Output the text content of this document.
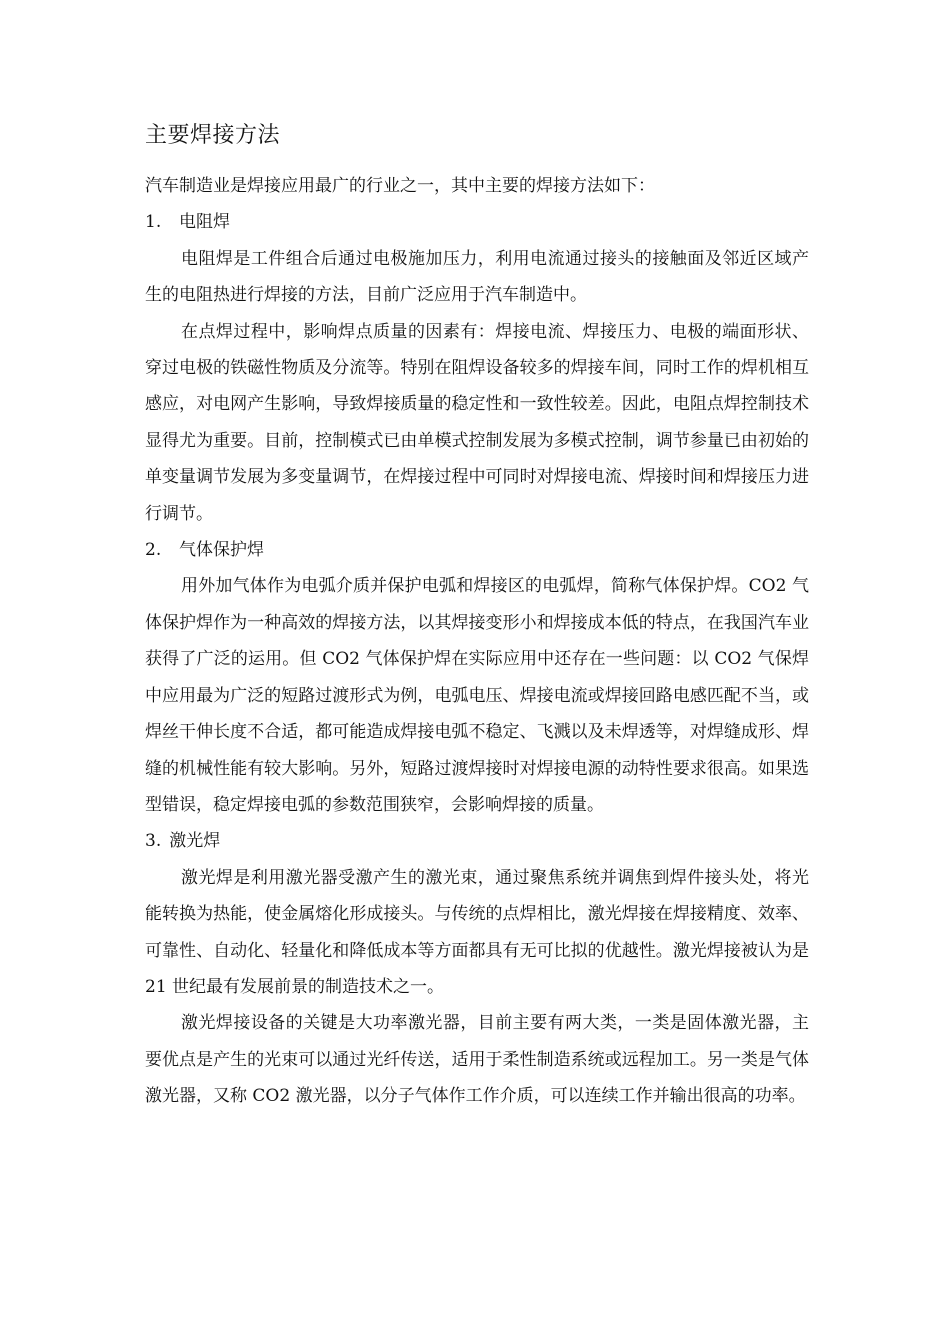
主要焊接方法

汽车制造业是焊接应用最广的行业之一，其中主要的焊接方法如下：

1. 电阻焊

电阻焊是工件组合后通过电极施加压力，利用电流通过接头的接触面及邻近区域产生的电阻热进行焊接的方法，目前广泛应用于汽车制造中。

在点焊过程中，影响焊点质量的因素有：焊接电流、焊接压力、电极的端面形状、穿过电极的铁磁性物质及分流等。特别在阻焊设备较多的焊接车间，同时工作的焊机相互感应，对电网产生影响，导致焊接质量的稳定性和一致性较差。因此，电阻点焊控制技术显得尤为重要。目前，控制模式已由单模式控制发展为多模式控制，调节参量已由初始的单变量调节发展为多变量调节，在焊接过程中可同时对焊接电流、焊接时间和焊接压力进行调节。

2. 气体保护焊

用外加气体作为电弧介质并保护电弧和焊接区的电弧焊，简称气体保护焊。CO2 气体保护焊作为一种高效的焊接方法，以其焊接变形小和焊接成本低的特点，在我国汽车业获得了广泛的运用。但 CO2 气体保护焊在实际应用中还存在一些问题：以 CO2 气保焊中应用最为广泛的短路过渡形式为例，电弧电压、焊接电流或焊接回路电感匹配不当，或焊丝干伸长度不合适，都可能造成焊接电弧不稳定、飞溅以及未焊透等，对焊缝成形、焊缝的机械性能有较大影响。另外，短路过渡焊接时对焊接电源的动特性要求很高。如果选型错误，稳定焊接电弧的参数范围狭窄，会影响焊接的质量。

3. 激光焊

激光焊是利用激光器受激产生的激光束，通过聚焦系统并调焦到焊件接头处，将光能转换为热能，使金属熔化形成接头。与传统的点焊相比，激光焊接在焊接精度、效率、可靠性、自动化、轻量化和降低成本等方面都具有无可比拟的优越性。激光焊接被认为是 21 世纪最有发展前景的制造技术之一。

激光焊接设备的关键是大功率激光器，目前主要有两大类，一类是固体激光器，主要优点是产生的光束可以通过光纤传送，适用于柔性制造系统或远程加工。另一类是气体激光器，又称 CO2 激光器，以分子气体作工作介质，可以连续工作并输出很高的功率。
